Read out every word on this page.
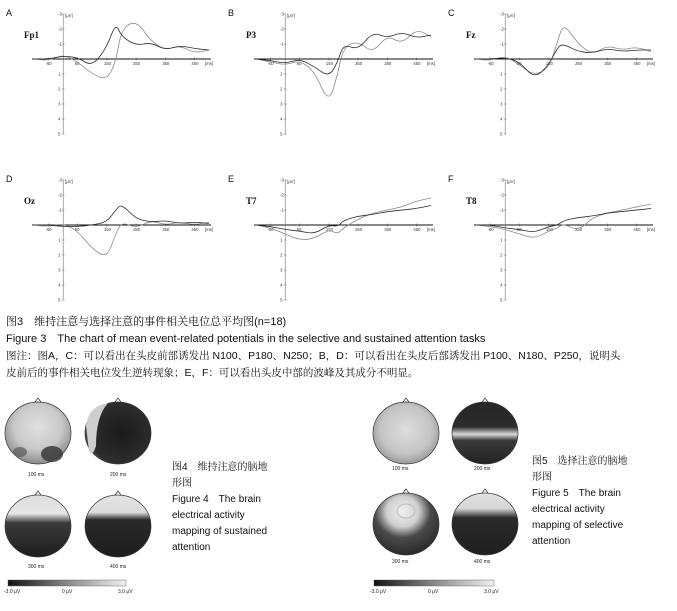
A
Fp1
[μV]
-3
-2
-1
1
2
3
4
5
-50	50	150	250	350	450 [ms]
B
P3
[μV]
-3
-2
-1
1
2
3
4
5
-50	50	150	250	350	450 [ms]
C
Fz
[μV]
-3
-2
-1
1
2
3
4
5
-50	50	150	250	350	450 [ms]
D
Oz
[μV]
-3
-2
-1
1
2
3
4
5
-50	50	150	250	350	450 [ms]
E
T7
[μV]
-3
-2
-1
1
2
3
4
5
-50	50	150	250	350	450 [ms]
F
T8
[μV]
-3
-2
-1
1
2
3
4
5
-50	50	150	250	350	450 [ms]
图3　维持注意与选择注意的事件相关电位总平均图(n=18)
Figure 3　The chart of mean event-related potentials in the selective and sustained attention tasks
图注：图A，C：可以看出在头皮前部诱发出 N100、P180、N250；B，D：可以看出在头皮后部诱发出 P100、N180、P250，说明头
皮前后的事件相关电位发生逆转现象；E，F：可以看出头皮中部的波峰及其成分不明显。
100 ms	200 ms
300 ms	400 ms
-3.0 μV	0 μV	3.0 μV
图4　维持注意的脑地
形图
Figure 4　The brain
electrical activity
mapping of sustained
attention
100 ms	200 ms
300 ms	400 ms
-3.0 μV	0 μV	3.0 μV
图5　选择注意的脑地
形图
Figure 5　The brain
electrical activity
mapping of selective
attention
